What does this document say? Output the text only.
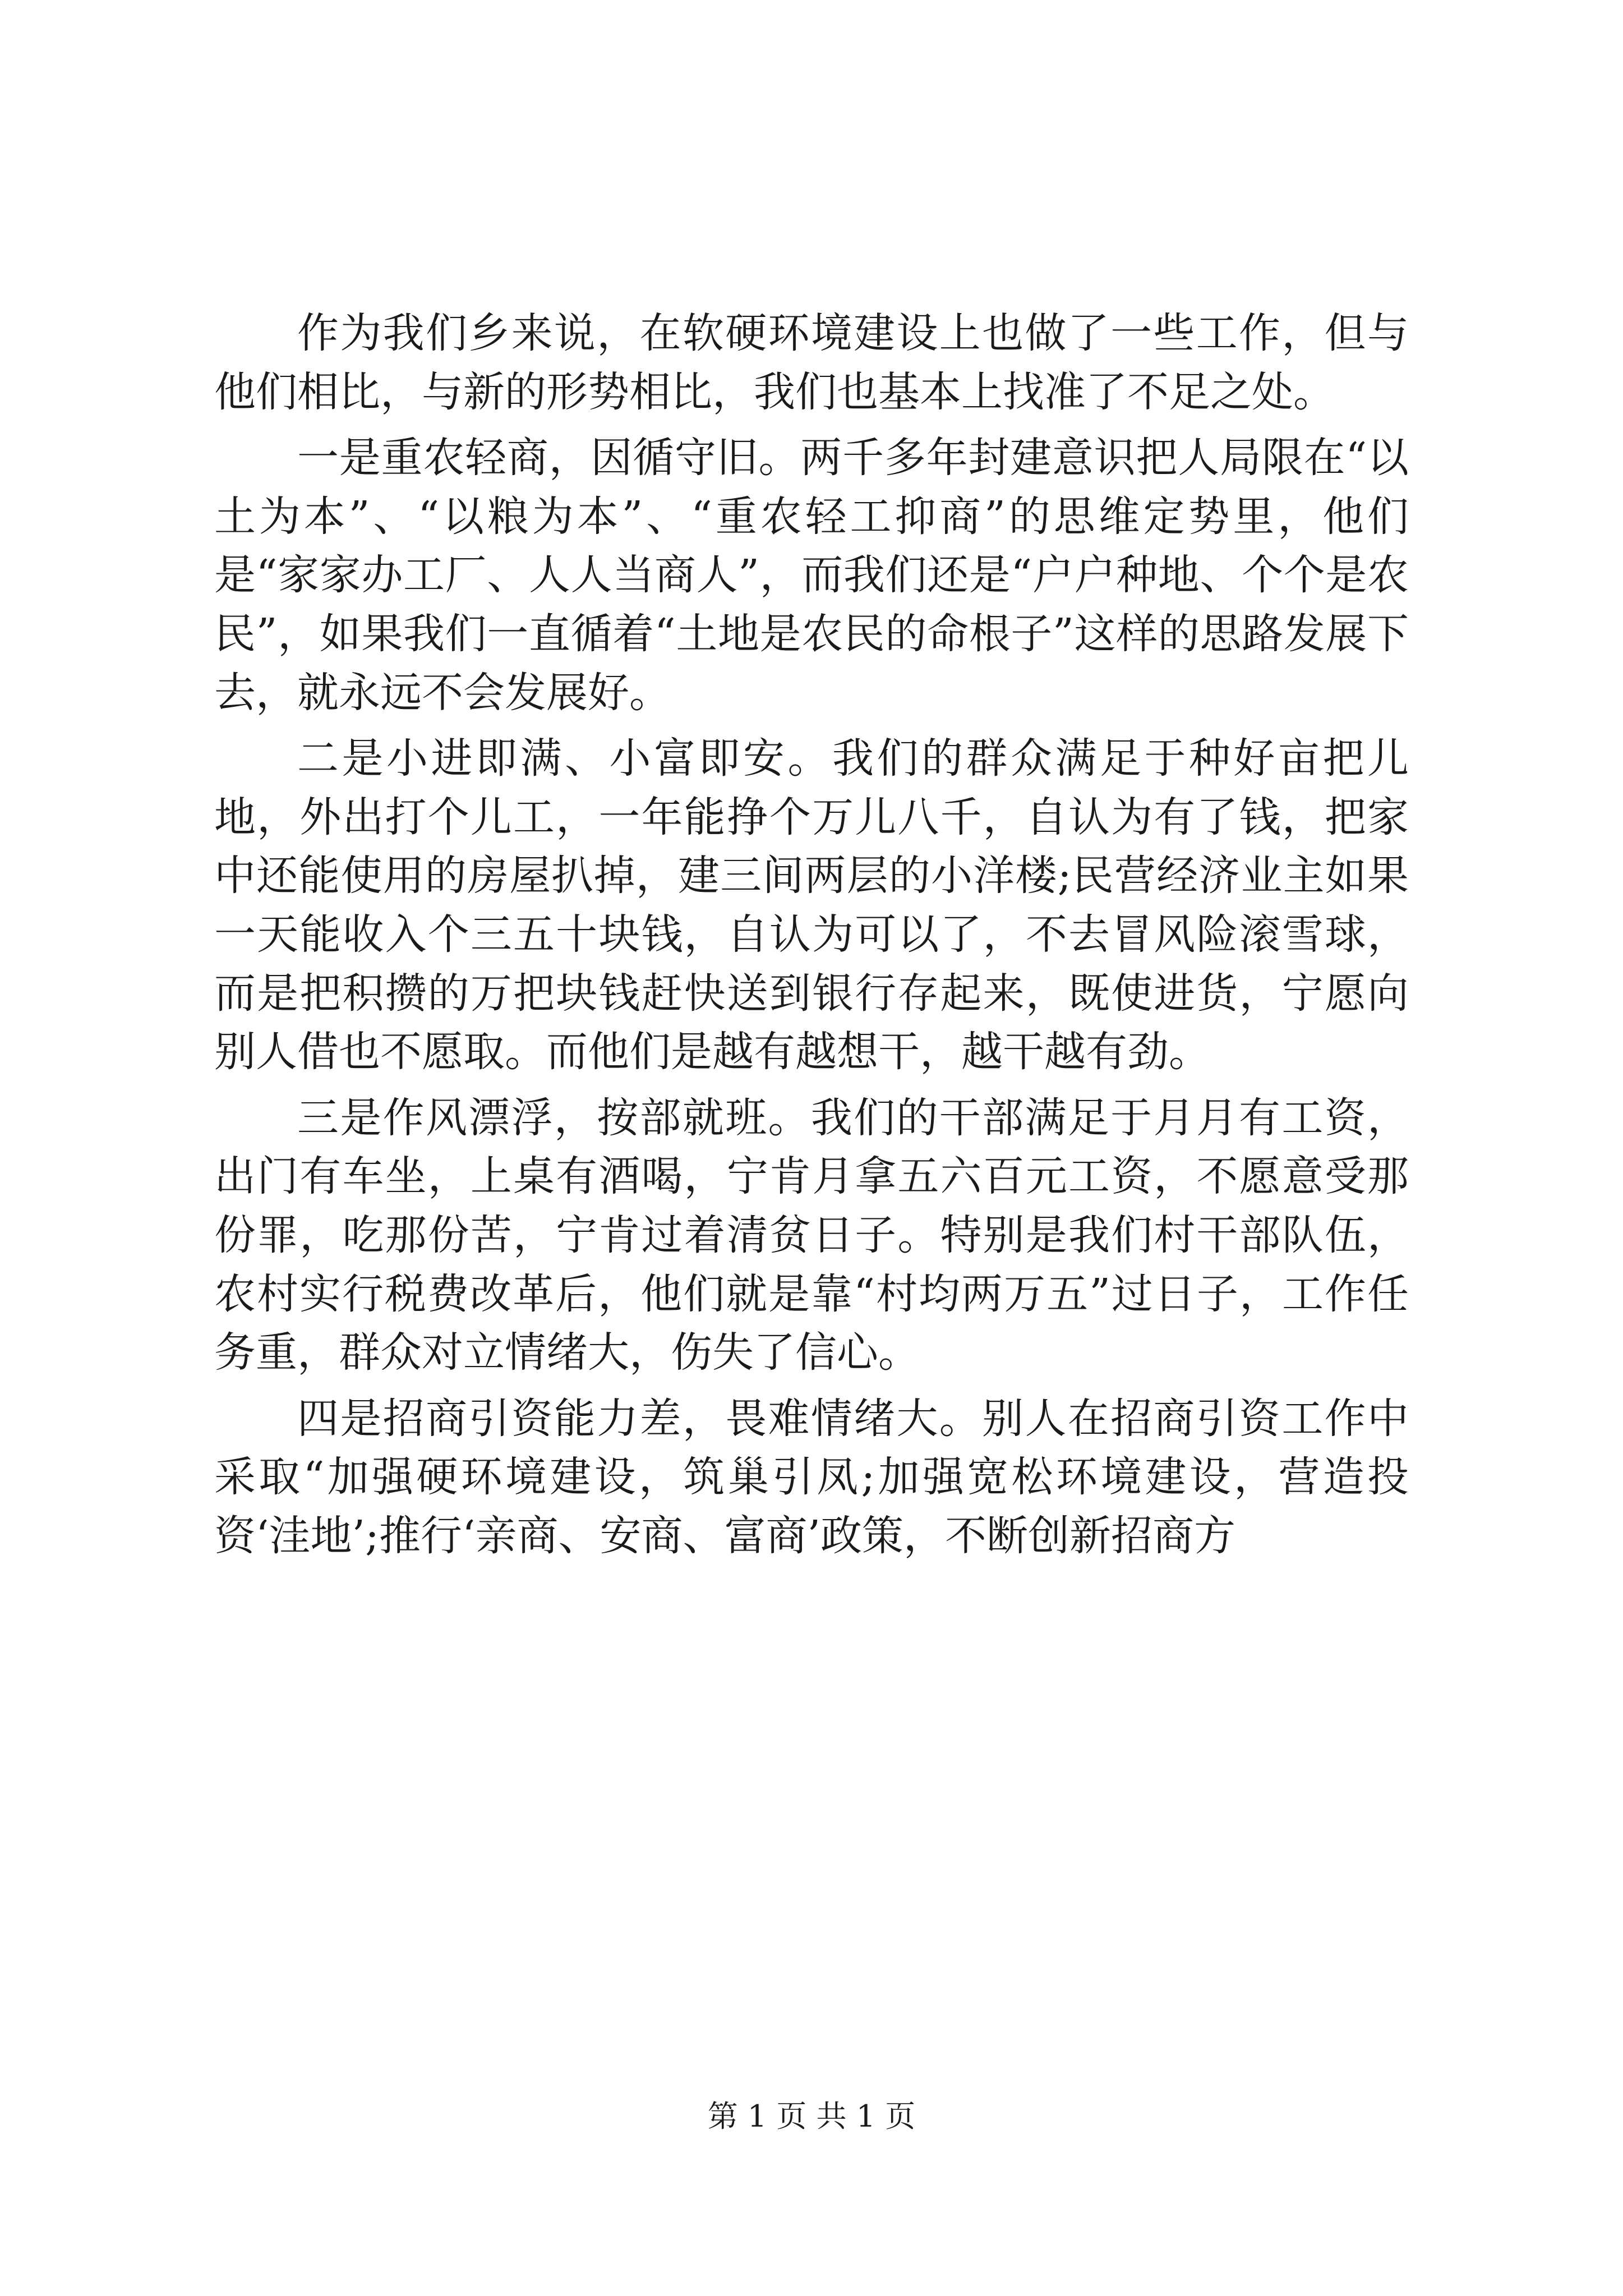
作为我们乡来说，在软硬环境建设上也做了一些工作，但与他们相比，与新的形势相比，我们也基本上找准了不足之处。

一是重农轻商，因循守旧。两千多年封建意识把人局限在“以土为本”、“以粮为本”、“重农轻工抑商”的思维定势里，他们是“家家办工厂、人人当商人”，而我们还是“户户种地、个个是农民”，如果我们一直循着“土地是农民的命根子”这样的思路发展下去，就永远不会发展好。

二是小进即满、小富即安。我们的群众满足于种好亩把儿地，外出打个儿工，一年能挣个万儿八千，自认为有了钱，把家中还能使用的房屋扒掉，建三间两层的小洋楼;民营经济业主如果一天能收入个三五十块钱，自认为可以了，不去冒风险滚雪球，而是把积攒的万把块钱赶快送到银行存起来，既使进货，宁愿向别人借也不愿取。而他们是越有越想干，越干越有劲。

三是作风漂浮，按部就班。我们的干部满足于月月有工资，出门有车坐，上桌有酒喝，宁肯月拿五六百元工资，不愿意受那份罪，吃那份苦，宁肯过着清贫日子。特别是我们村干部队伍，农村实行税费改革后，他们就是靠“村均两万五”过日子，工作任务重，群众对立情绪大，伤失了信心。

四是招商引资能力差，畏难情绪大。别人在招商引资工作中采取“加强硬环境建设，筑巢引凤;加强宽松环境建设，营造投资‘洼地’;推行‘亲商、安商、富商’政策，不断创新招商方

第 1 页 共 1 页
